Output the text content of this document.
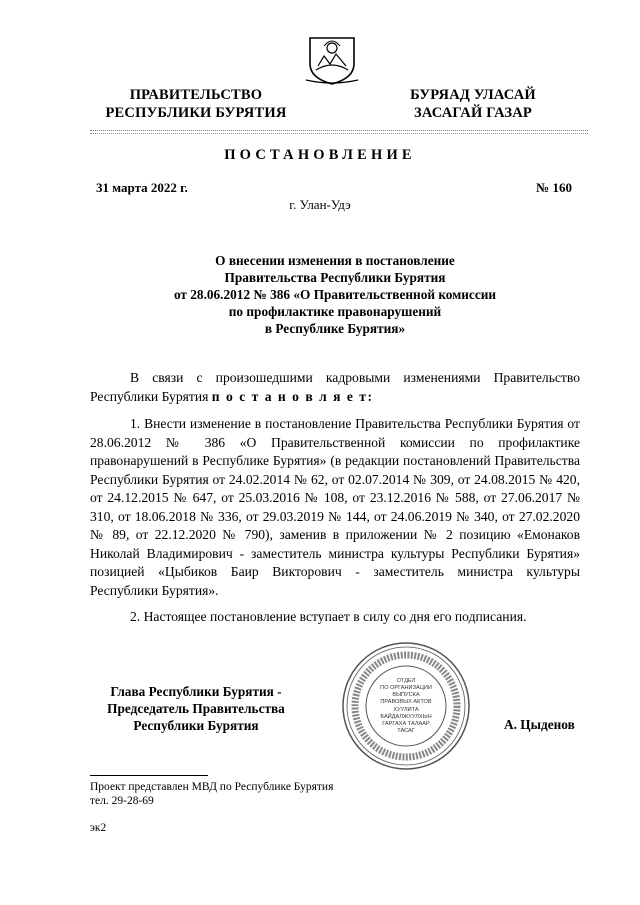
ПРАВИТЕЛЬСТВО
РЕСПУБЛИКИ БУРЯТИЯ
БУРЯАД УЛАСАЙ
ЗАСАГАЙ ГАЗАР
ПОСТАНОВЛЕНИЕ
31 марта 2022 г.	№ 160
г. Улан-Удэ
О внесении изменения в постановление
Правительства Республики Бурятия
от 28.06.2012 № 386 «О Правительственной комиссии
по профилактике правонарушений
в Республике Бурятия»
В связи с произошедшими кадровыми изменениями Правительство Республики Бурятия п о с т а н о в л я е т:
1. Внести изменение в постановление Правительства Республики Бурятия от 28.06.2012 № 386 «О Правительственной комиссии по профилактике правонарушений в Республике Бурятия» (в редакции постановлений Правительства Республики Бурятия от 24.02.2014 № 62, от 02.07.2014 № 309, от 24.08.2015 № 420, от 24.12.2015 № 647, от 25.03.2016 № 108, от 23.12.2016 № 588, от 27.06.2017 № 310, от 18.06.2018 № 336, от 29.03.2019 № 144, от 24.06.2019 № 340, от 27.02.2020 № 89, от 22.12.2020 № 790), заменив в приложении № 2 позицию «Емонаков Николай Владимирович - заместитель министра культуры Республики Бурятия» позицией «Цыбиков Баир Викторович - заместитель министра культуры Республики Бурятия».
2. Настоящее постановление вступает в силу со дня его подписания.
Глава Республики Бурятия -
Председатель Правительства
Республики Бурятия
ОТДЕЛ
ПО ОРГАНИЗАЦИИ
ВЫПУСКА
ПРАВОВЫХ АКТОВ
ХУУЛИТА
БАЙДАЛЖУУЛХЫН
ГАРГАХА ТАЛААР
ТАСАГ	А. Цыденов
Проект представлен МВД по Республике Бурятия
тел. 29-28-69
эк2
